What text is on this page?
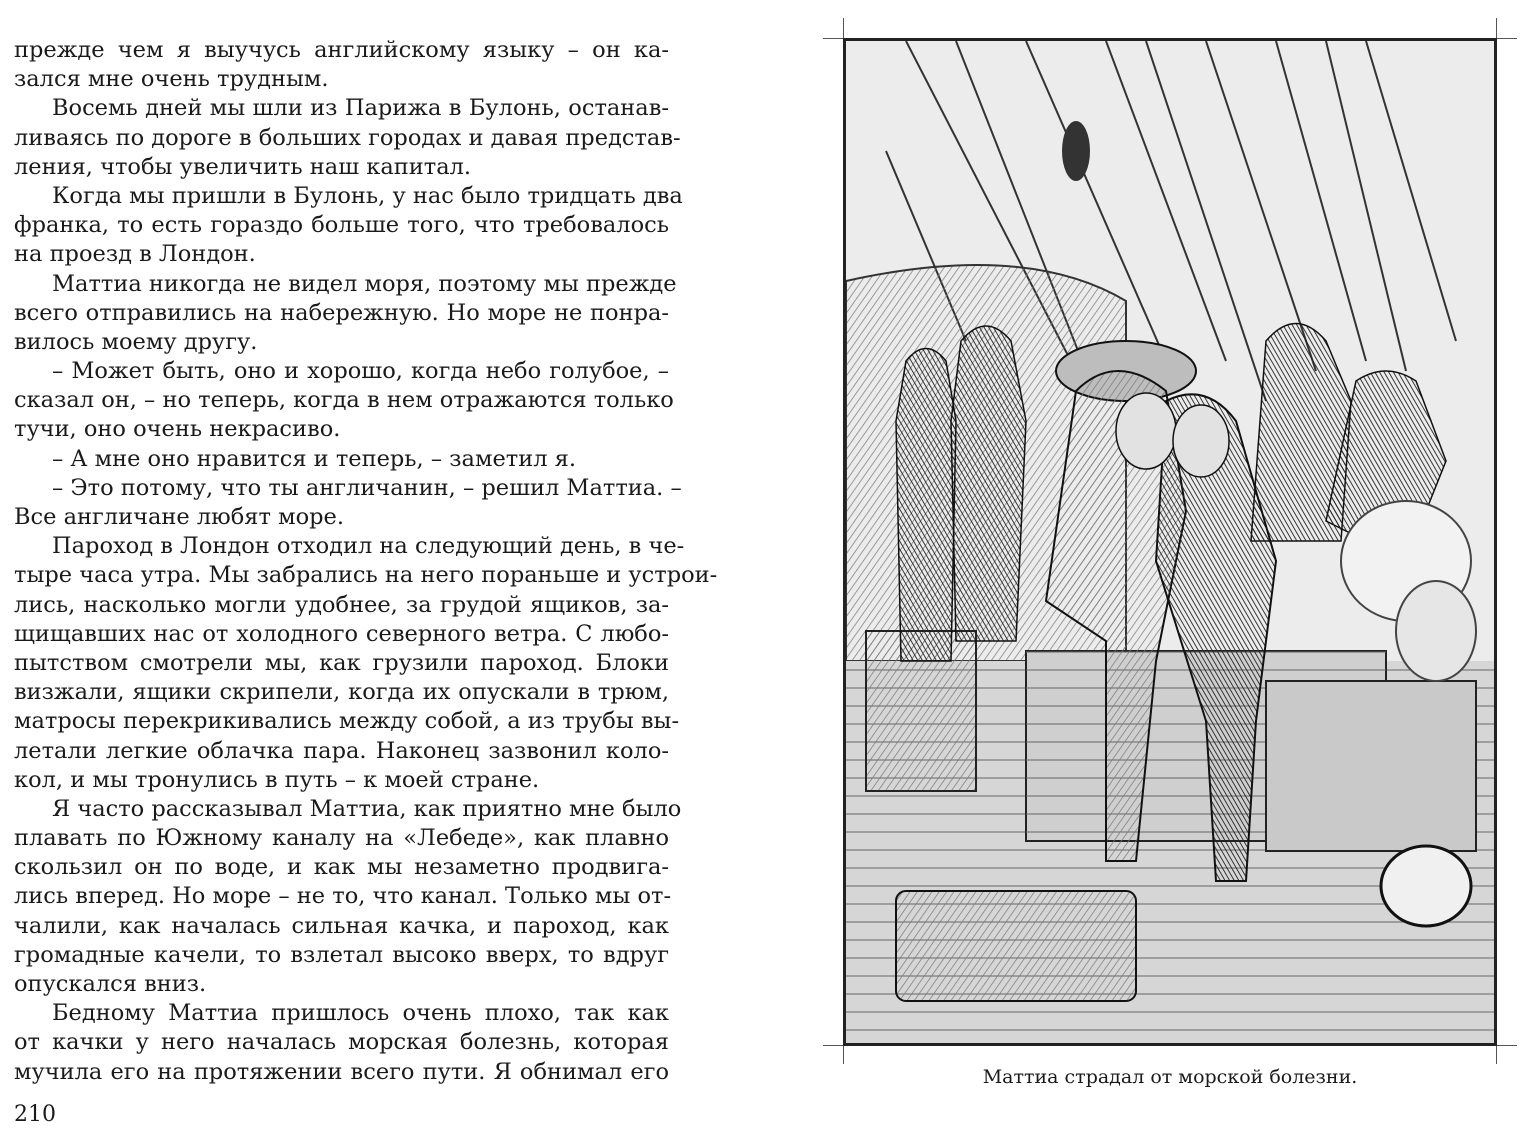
прежде чем я выучусь английскому языку – он ка-
зался мне очень трудным.
Восемь дней мы шли из Парижа в Булонь, останав-
ливаясь по дороге в больших городах и давая представ-
ления, чтобы увеличить наш капитал.
Когда мы пришли в Булонь, у нас было тридцать два
франка, то есть гораздо больше того, что требовалось
на проезд в Лондон.
Маттиа никогда не видел моря, поэтому мы прежде
всего отправились на набережную. Но море не понра-
вилось моему другу.
– Может быть, оно и хорошо, когда небо голубое, –
сказал он, – но теперь, когда в нем отражаются только
тучи, оно очень некрасиво.
– А мне оно нравится и теперь, – заметил я.
– Это потому, что ты англичанин, – решил Маттиа. –
Все англичане любят море.
Пароход в Лондон отходил на следующий день, в че-
тыре часа утра. Мы забрались на него пораньше и устрои-
лись, насколько могли удобнее, за грудой ящиков, за-
щищавших нас от холодного северного ветра. С любо-
пытством смотрели мы, как грузили пароход. Блоки
визжали, ящики скрипели, когда их опускали в трюм,
матросы перекрикивались между собой, а из трубы вы-
летали легкие облачка пара. Наконец зазвонил коло-
кол, и мы тронулись в путь – к моей стране.
Я часто рассказывал Маттиа, как приятно мне было
плавать по Южному каналу на «Лебеде», как плавно
скользил он по воде, и как мы незаметно продвига-
лись вперед. Но море – не то, что канал. Только мы от-
чалили, как началась сильная качка, и пароход, как
громадные качели, то взлетал высоко вверх, то вдруг
опускался вниз.
Бедному Маттиа пришлось очень плохо, так как
от качки у него началась морская болезнь, которая
мучила его на протяжении всего пути. Я обнимал его
210
Маттиа страдал от морской болезни.
